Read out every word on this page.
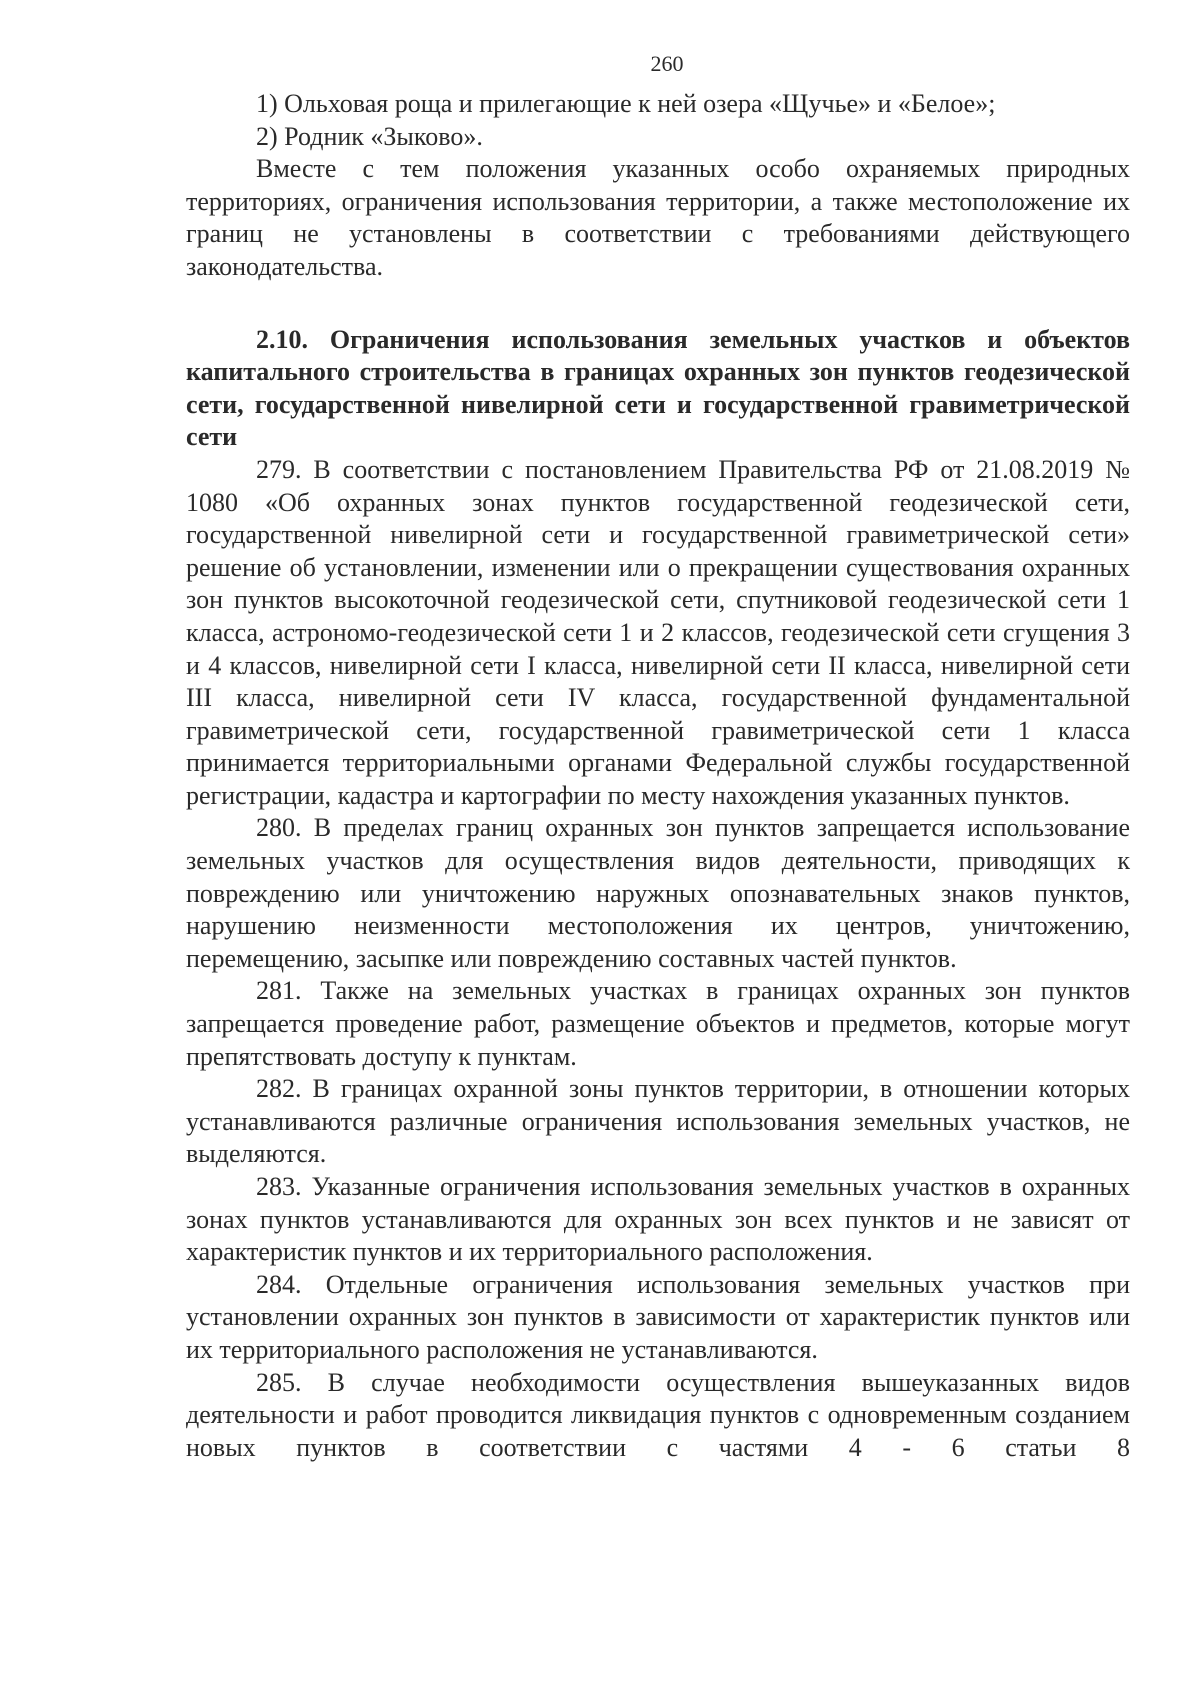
260

1) Ольховая роща и прилегающие к ней озера «Щучье» и «Белое»;

2) Родник «Зыково».

Вместе с тем положения указанных особо охраняемых природных территориях, ограничения использования территории, а также местоположение их границ не установлены в соответствии с требованиями действующего законодательства.

2.10. Ограничения использования земельных участков и объектов капитального строительства в границах охранных зон пунктов геодезической сети, государственной нивелирной сети и государственной гравиметрической сети

279. В соответствии с постановлением Правительства РФ от 21.08.2019 № 1080 «Об охранных зонах пунктов государственной геодезической сети, государственной нивелирной сети и государственной гравиметрической сети» решение об установлении, изменении или о прекращении существования охранных зон пунктов высокоточной геодезической сети, спутниковой геодезической сети 1 класса, астрономо-геодезической сети 1 и 2 классов, геодезической сети сгущения 3 и 4 классов, нивелирной сети I класса, нивелирной сети II класса, нивелирной сети III класса, нивелирной сети IV класса, государственной фундаментальной гравиметрической сети, государственной гравиметрической сети 1 класса принимается территориальными органами Федеральной службы государственной регистрации, кадастра и картографии по месту нахождения указанных пунктов.

280. В пределах границ охранных зон пунктов запрещается использование земельных участков для осуществления видов деятельности, приводящих к повреждению или уничтожению наружных опознавательных знаков пунктов, нарушению неизменности местоположения их центров, уничтожению, перемещению, засыпке или повреждению составных частей пунктов.

281. Также на земельных участках в границах охранных зон пунктов запрещается проведение работ, размещение объектов и предметов, которые могут препятствовать доступу к пунктам.

282. В границах охранной зоны пунктов территории, в отношении которых устанавливаются различные ограничения использования земельных участков, не выделяются.

283. Указанные ограничения использования земельных участков в охранных зонах пунктов устанавливаются для охранных зон всех пунктов и не зависят от характеристик пунктов и их территориального расположения.

284. Отдельные ограничения использования земельных участков при установлении охранных зон пунктов в зависимости от характеристик пунктов или их территориального расположения не устанавливаются.

285. В случае необходимости осуществления вышеуказанных видов деятельности и работ проводится ликвидация пунктов с одновременным созданием новых пунктов в соответствии с частями 4 - 6 статьи 8
